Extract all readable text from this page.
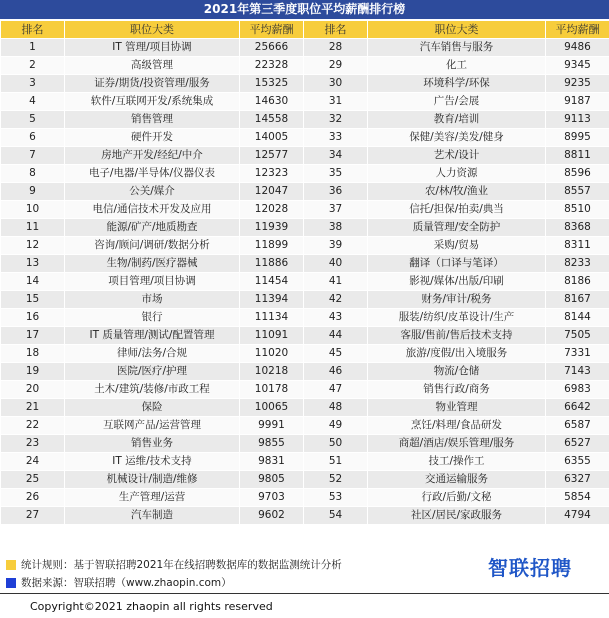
2021年第三季度职位平均薪酬排行榜
排名	职位大类	平均薪酬	排名	职位大类	平均薪酬
1	IT 管理/项目协调	25666	28	汽车销售与服务	9486
2	高级管理	22328	29	化工	9345
3	证券/期货/投资管理/服务	15325	30	环境科学/环保	9235
4	软件/互联网开发/系统集成	14630	31	广告/会展	9187
5	销售管理	14558	32	教育/培训	9113
6	硬件开发	14005	33	保健/美容/美发/健身	8995
7	房地产开发/经纪/中介	12577	34	艺术/设计	8811
8	电子/电器/半导体/仪器仪表	12323	35	人力资源	8596
9	公关/媒介	12047	36	农/林/牧/渔业	8557
10	电信/通信技术开发及应用	12028	37	信托/担保/拍卖/典当	8510
11	能源/矿产/地质勘查	11939	38	质量管理/安全防护	8368
12	咨询/顾问/调研/数据分析	11899	39	采购/贸易	8311
13	生物/制药/医疗器械	11886	40	翻译（口译与笔译）	8233
14	项目管理/项目协调	11454	41	影视/媒体/出版/印刷	8186
15	市场	11394	42	财务/审计/税务	8167
16	银行	11134	43	服装/纺织/皮革设计/生产	8144
17	IT 质量管理/测试/配置管理	11091	44	客服/售前/售后技术支持	7505
18	律师/法务/合规	11020	45	旅游/度假/出入境服务	7331
19	医院/医疗/护理	10218	46	物流/仓储	7143
20	土木/建筑/装修/市政工程	10178	47	销售行政/商务	6983
21	保险	10065	48	物业管理	6642
22	互联网产品/运营管理	9991	49	烹饪/料理/食品研发	6587
23	销售业务	9855	50	商超/酒店/娱乐管理/服务	6527
24	IT 运维/技术支持	9831	51	技工/操作工	6355
25	机械设计/制造/维修	9805	52	交通运输服务	6327
26	生产管理/运营	9703	53	行政/后勤/文秘	5854
27	汽车制造	9602	54	社区/居民/家政服务	4794
统计规则：基于智联招聘2021年在线招聘数据库的数据监测统计分析
数据来源：智联招聘（www.zhaopin.com）
智联招聘
Copyright©2021 zhaopin all rights reserved
